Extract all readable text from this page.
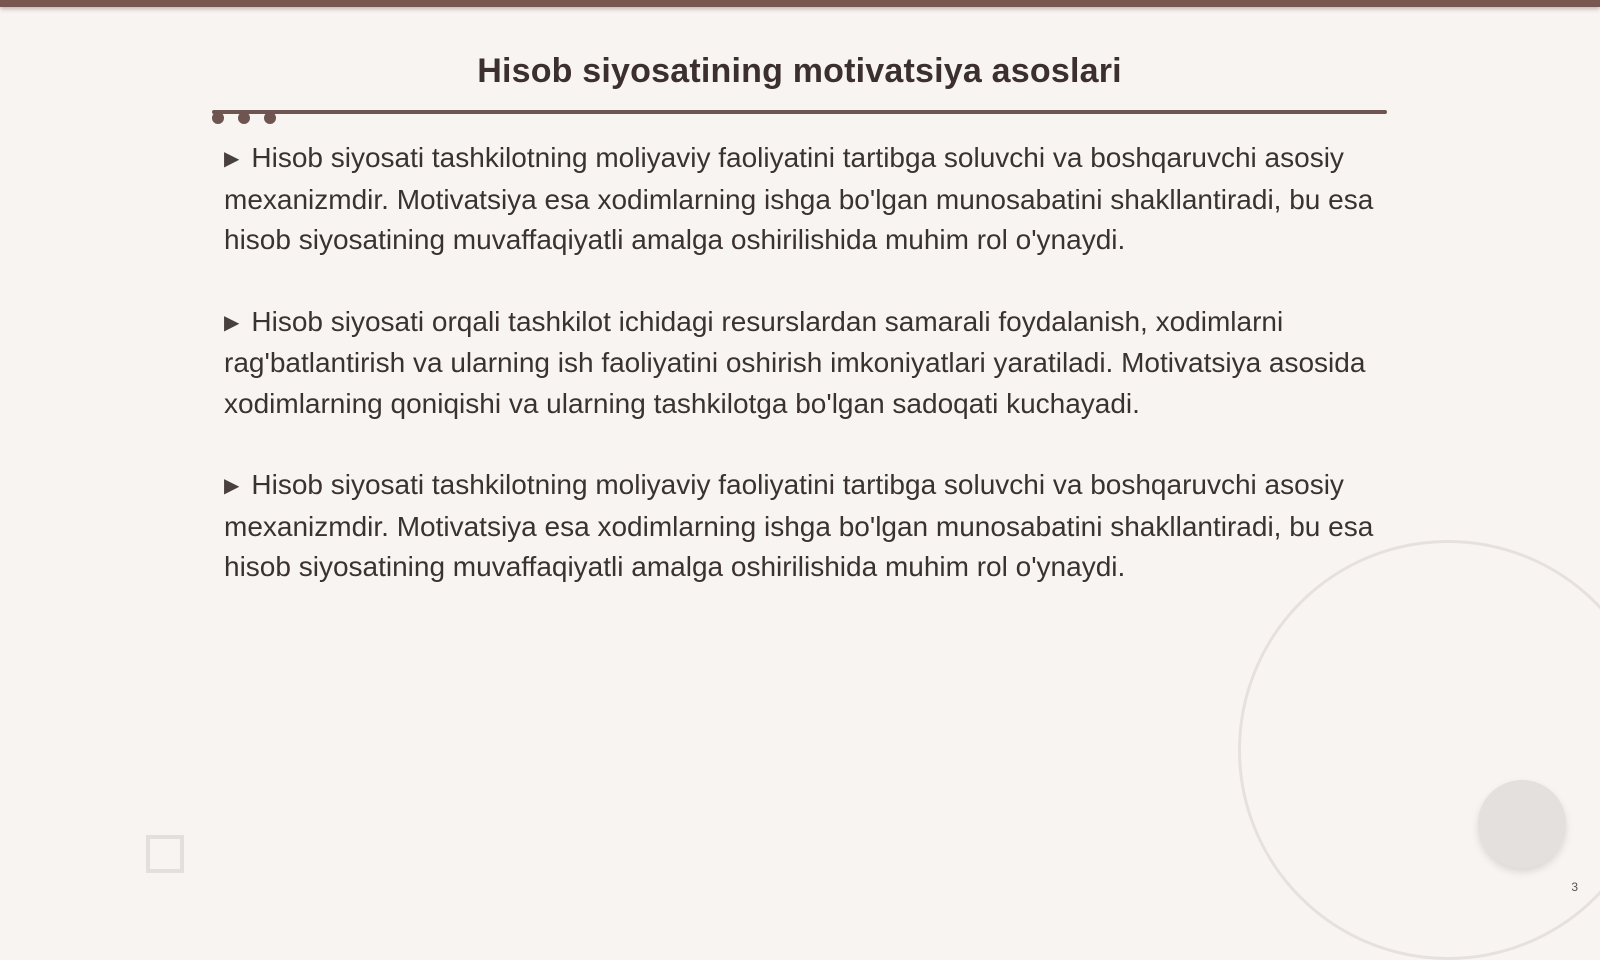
Hisob siyosatining motivatsiya asoslari

▶ Hisob siyosati tashkilotning moliyaviy faoliyatini tartibga soluvchi va boshqaruvchi asosiy mexanizmdir. Motivatsiya esa xodimlarning ishga bo'lgan munosabatini shakllantiradi, bu esa hisob siyosatining muvaffaqiyatli amalga oshirilishida muhim rol o'ynaydi.

▶ Hisob siyosati orqali tashkilot ichidagi resurslardan samarali foydalanish, xodimlarni rag'batlantirish va ularning ish faoliyatini oshirish imkoniyatlari yaratiladi. Motivatsiya asosida xodimlarning qoniqishi va ularning tashkilotga bo'lgan sadoqati kuchayadi.

▶ Hisob siyosati tashkilotning moliyaviy faoliyatini tartibga soluvchi va boshqaruvchi asosiy mexanizmdir. Motivatsiya esa xodimlarning ishga bo'lgan munosabatini shakllantiradi, bu esa hisob siyosatining muvaffaqiyatli amalga oshirilishida muhim rol o'ynaydi.

3
